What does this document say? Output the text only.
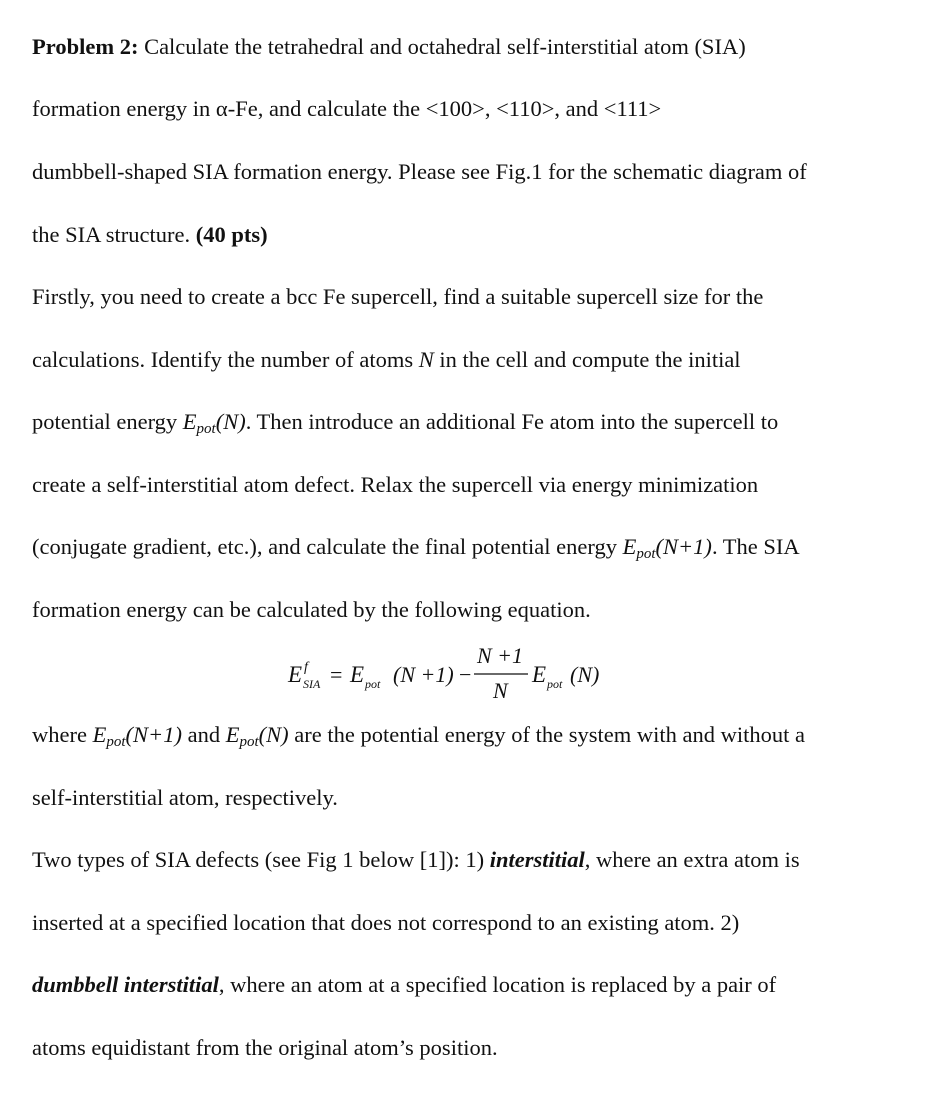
Problem 2: Calculate the tetrahedral and octahedral self-interstitial atom (SIA)
formation energy in α-Fe, and calculate the <100>, <110>, and <111>
dumbbell-shaped SIA formation energy. Please see Fig.1 for the schematic diagram of
the SIA structure. (40 pts)
Firstly, you need to create a bcc Fe supercell, find a suitable supercell size for the
calculations. Identify the number of atoms N in the cell and compute the initial
potential energy $E_{pot}(N)$. Then introduce an additional Fe atom into the supercell to
create a self-interstitial atom defect. Relax the supercell via energy minimization
(conjugate gradient, etc.), and calculate the final potential energy $E_{pot}(N+1)$. The SIA
formation energy can be calculated by the following equation.
E f
SIA = E pot (N +1) −
N +1
N
E pot (N)
where $E_{pot}(N+1)$ and $E_{pot}(N)$ are the potential energy of the system with and without a
self-interstitial atom, respectively.
Two types of SIA defects (see Fig 1 below [1]): 1) interstitial, where an extra atom is
inserted at a specified location that does not correspond to an existing atom. 2)
dumbbell interstitial, where an atom at a specified location is replaced by a pair of
atoms equidistant from the original atom’s position.
